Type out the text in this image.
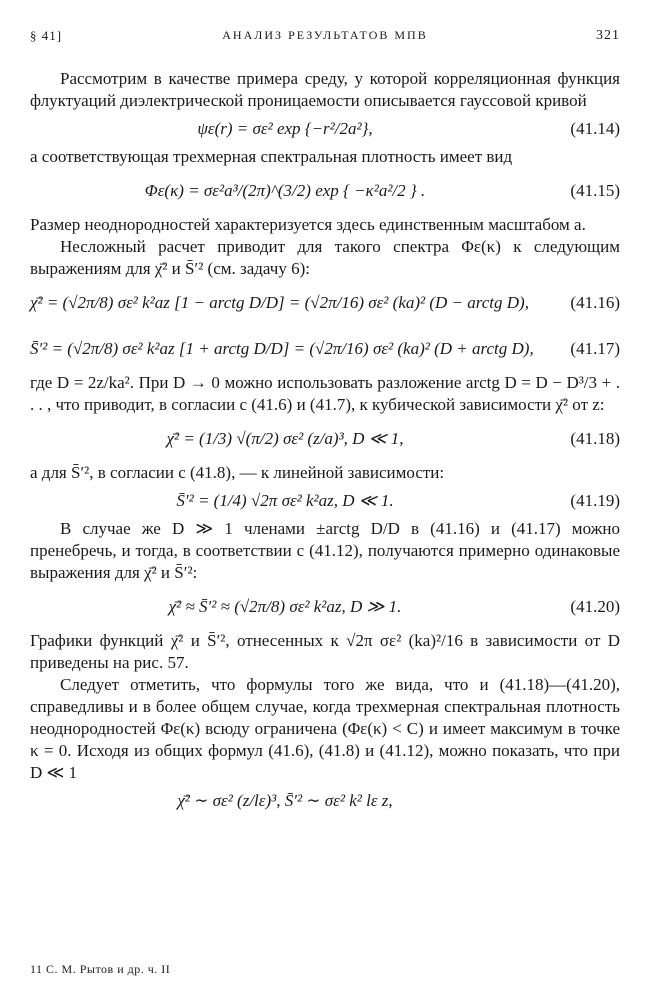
§ 41]	АНАЛИЗ РЕЗУЛЬТАТОВ МПВ	321

Рассмотрим в качестве примера среду, у которой корреляционная функция флуктуаций диэлектрической проницаемости описывается гауссовой кривой

ψε(r) = σε² exp {−r²/2a²},	(41.14)

а соответствующая трехмерная спектральная плотность имеет вид

Φε(κ) = σε²a³/(2π)^(3/2) exp { −κ²a²/2 } .	(41.15)

Размер неоднородностей характеризуется здесь единственным масштабом a.

Несложный расчет приводит для такого спектра Φε(κ) к следующим выражениям для χ̄² и S̄′² (см. задачу 6):

χ̄² = (√2π/8) σε² k²az [1 − arctg D/D] = (√2π/16) σε² (ka)² (D − arctg D), (41.16)
S̄′² = (√2π/8) σε² k²az [1 + arctg D/D] = (√2π/16) σε² (ka)² (D + arctg D), (41.17)

где D = 2z/ka². При D → 0 можно использовать разложение arctg D = D − D³/3 + . . . , что приводит, в согласии с (41.6) и (41.7), к кубической зависимости χ̄² от z:

χ̄² = (1/3) √(π/2) σε² (z/a)³, D ≪ 1,	(41.18)

а для S̄′², в согласии с (41.8), — к линейной зависимости:

S̄′² = (1/4) √2π σε² k²az, D ≪ 1.	(41.19)

В случае же D ≫ 1 членами ±arctg D/D в (41.16) и (41.17) можно пренебречь, и тогда, в соответствии с (41.12), получаются примерно одинаковые выражения для χ̄² и S̄′²:

χ̄² ≈ S̄′² ≈ (√2π/8) σε² k²az, D ≫ 1.	(41.20)

Графики функций χ̄² и S̄′², отнесенных к √2π σε² (ka)²/16 в зависимости от D приведены на рис. 57.

Следует отметить, что формулы того же вида, что и (41.18)—(41.20), справедливы и в более общем случае, когда трехмерная спектральная плотность неоднородностей Φε(κ) всюду ограничена (Φε(κ) < C) и имеет максимум в точке κ = 0. Исходя из общих формул (41.6), (41.8) и (41.12), можно показать, что при D ≪ 1

χ̄² ∼ σε² (z/lε)³, S̄′² ∼ σε² k² lε z,
11 С. М. Рытов и др. ч. II
